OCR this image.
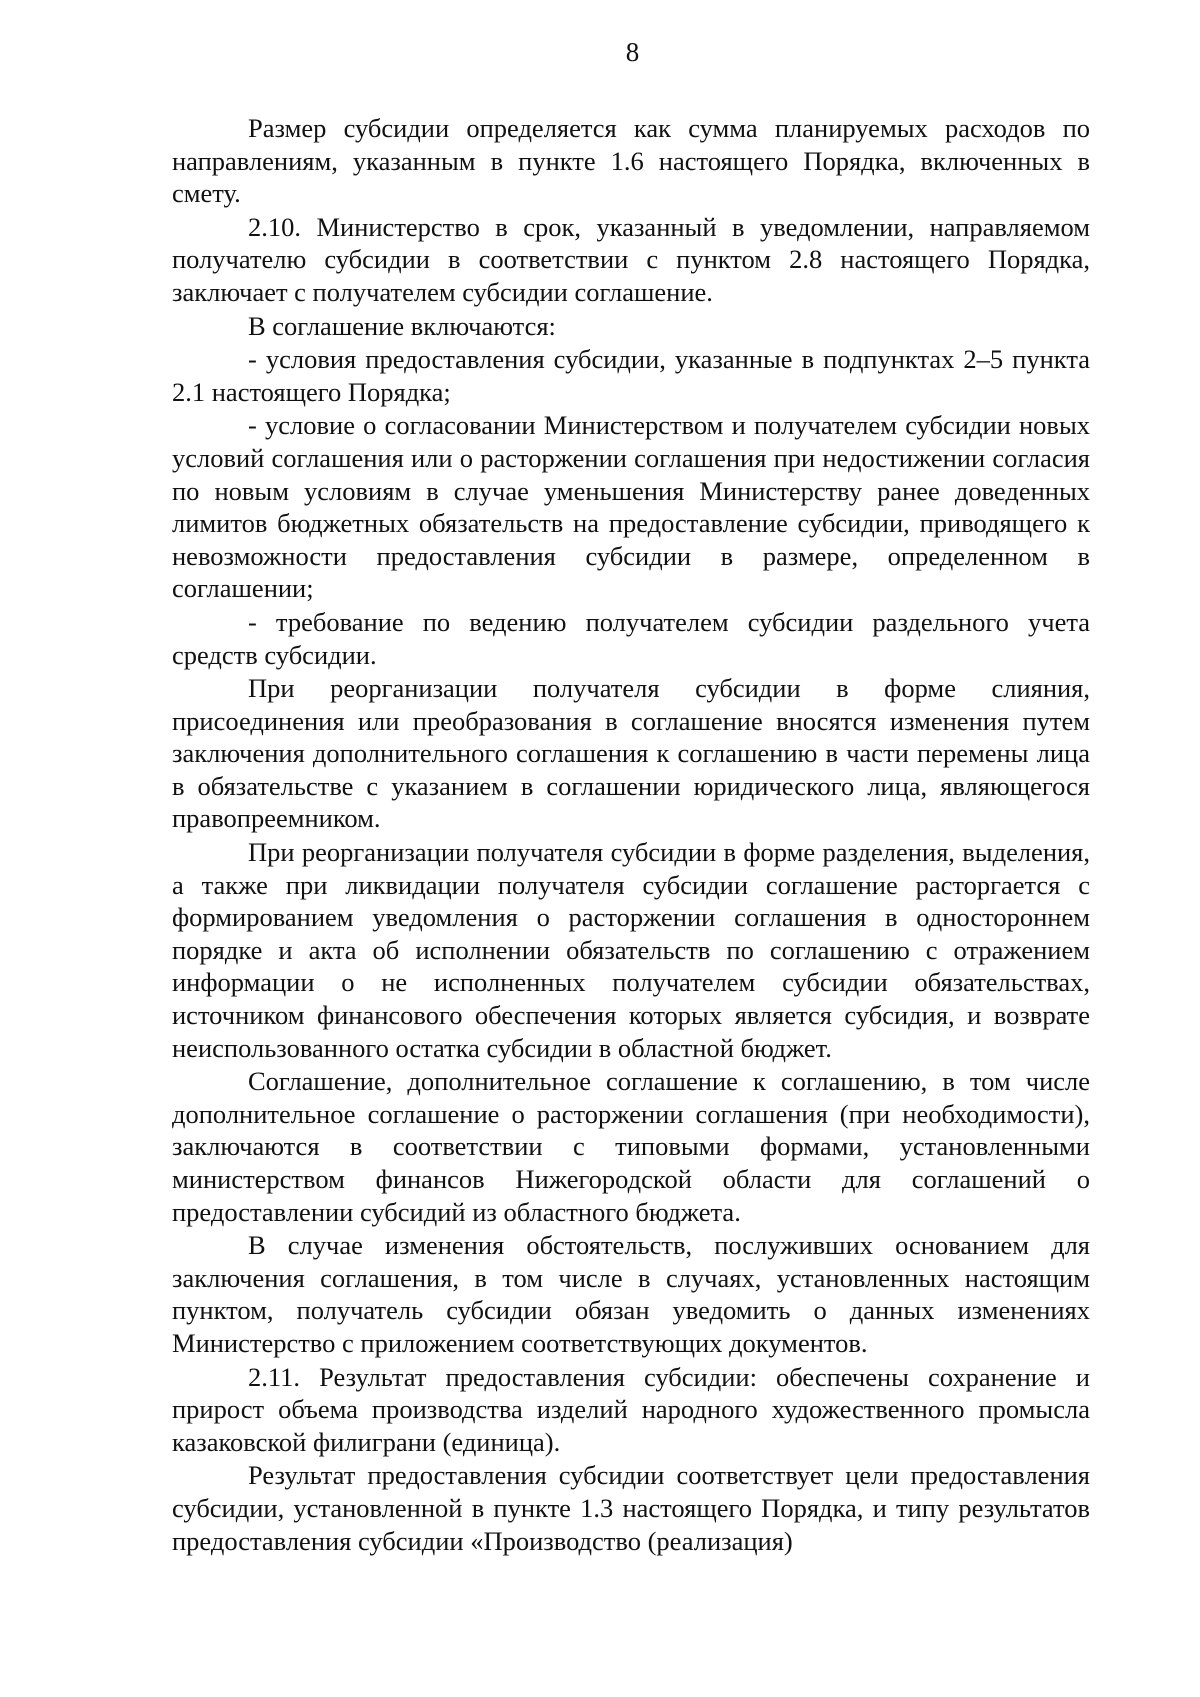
8

Размер субсидии определяется как сумма планируемых расходов по направлениям, указанным в пункте 1.6 настоящего Порядка, включенных в смету.

2.10. Министерство в срок, указанный в уведомлении, направляемом получателю субсидии в соответствии с пунктом 2.8 настоящего Порядка, заключает с получателем субсидии соглашение.

В соглашение включаются:

- условия предоставления субсидии, указанные в подпунктах 2–5 пункта 2.1 настоящего Порядка;

- условие о согласовании Министерством и получателем субсидии новых условий соглашения или о расторжении соглашения при недостижении согласия по новым условиям в случае уменьшения Министерству ранее доведенных лимитов бюджетных обязательств на предоставление субсидии, приводящего к невозможности предоставления субсидии в размере, определенном в соглашении;

- требование по ведению получателем субсидии раздельного учета средств субсидии.

При реорганизации получателя субсидии в форме слияния, присоединения или преобразования в соглашение вносятся изменения путем заключения дополнительного соглашения к соглашению в части перемены лица в обязательстве с указанием в соглашении юридического лица, являющегося правопреемником.

При реорганизации получателя субсидии в форме разделения, выделения, а также при ликвидации получателя субсидии соглашение расторгается с формированием уведомления о расторжении соглашения в одностороннем порядке и акта об исполнении обязательств по соглашению с отражением информации о не исполненных получателем субсидии обязательствах, источником финансового обеспечения которых является субсидия, и возврате неиспользованного остатка субсидии в областной бюджет.

Соглашение, дополнительное соглашение к соглашению, в том числе дополнительное соглашение о расторжении соглашения (при необходимости), заключаются в соответствии с типовыми формами, установленными министерством финансов Нижегородской области для соглашений о предоставлении субсидий из областного бюджета.

В случае изменения обстоятельств, послуживших основанием для заключения соглашения, в том числе в случаях, установленных настоящим пунктом, получатель субсидии обязан уведомить о данных изменениях Министерство с приложением соответствующих документов.

2.11. Результат предоставления субсидии: обеспечены сохранение и прирост объема производства изделий народного художественного промысла казаковской филиграни (единица).

Результат предоставления субсидии соответствует цели предоставления субсидии, установленной в пункте 1.3 настоящего Порядка, и типу результатов предоставления субсидии «Производство (реализация)
